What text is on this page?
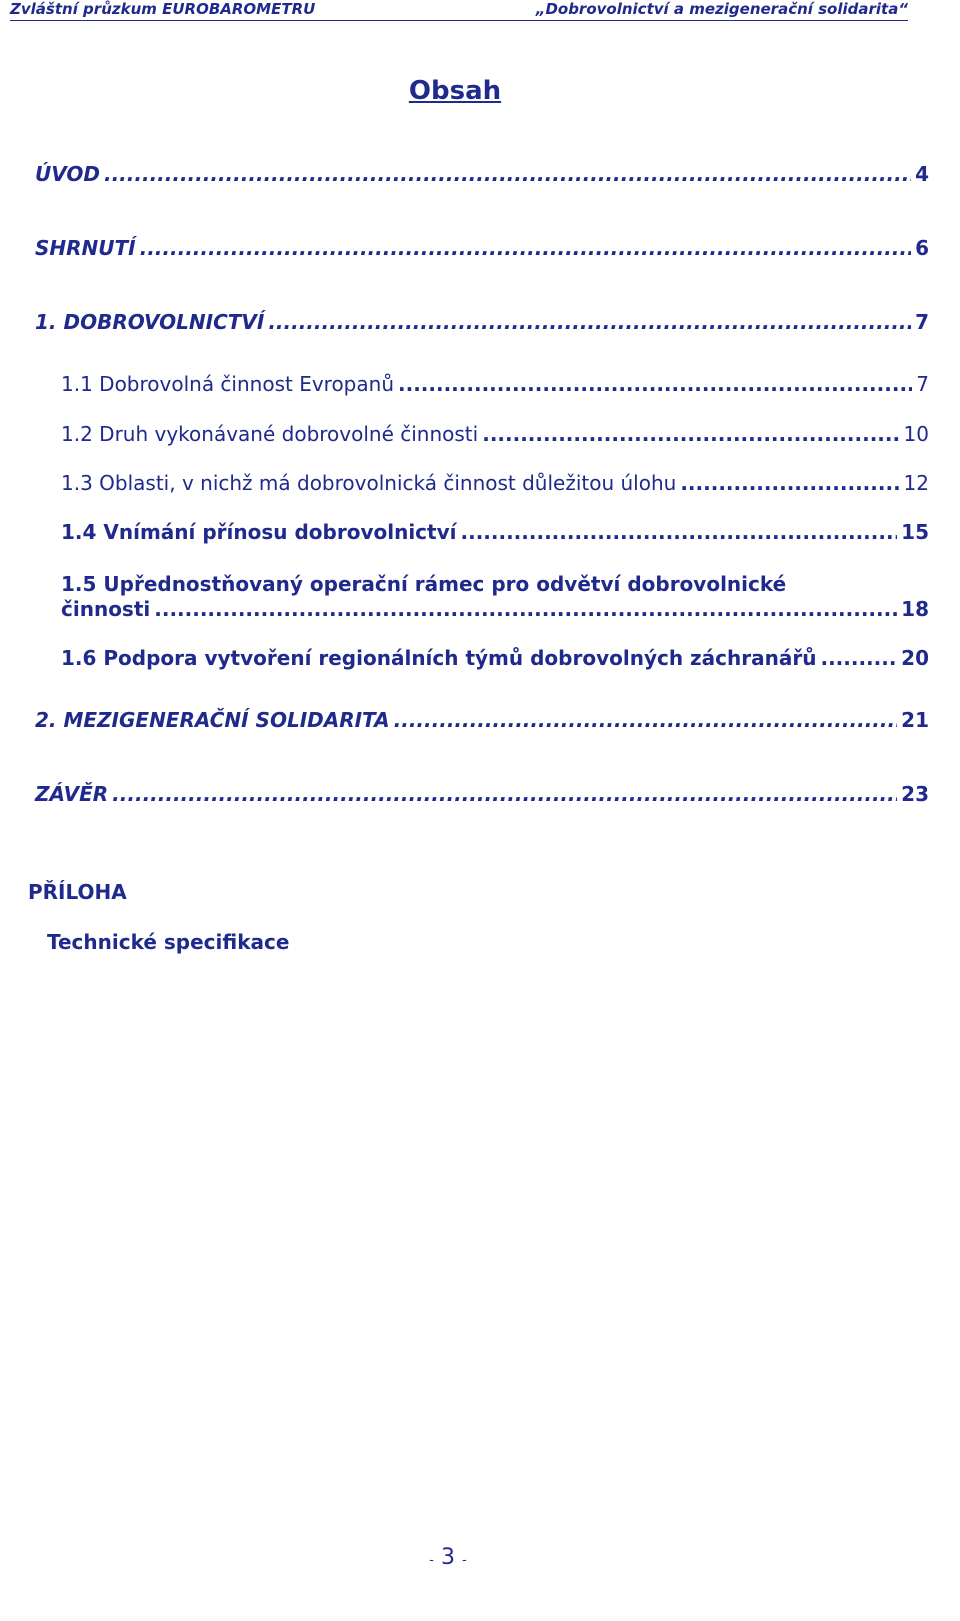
Zvláštní průzkum EUROBAROMETRU	„Dobrovolnictví a mezigenerační solidarita“
Obsah
ÚVOD .....	4
SHRNUTÍ .....	6
1. DOBROVOLNICTVÍ .....	7
1.1 Dobrovolná činnost Evropanů .....	7
1.2 Druh vykonávané dobrovolné činnosti .....	10
1.3 Oblasti, v nichž má dobrovolnická činnost důležitou úlohu .....	12
1.4 Vnímání přínosu dobrovolnictví .....	15
1.5 Upřednostňovaný operační rámec pro odvětví dobrovolnické
činnosti .....	18
1.6 Podpora vytvoření regionálních týmů dobrovolných záchranářů .....	20
2. MEZIGENERAČNÍ SOLIDARITA .....	21
ZÁVĚR .....	23
PŘÍLOHA
Technické specifikace
- 3 -
